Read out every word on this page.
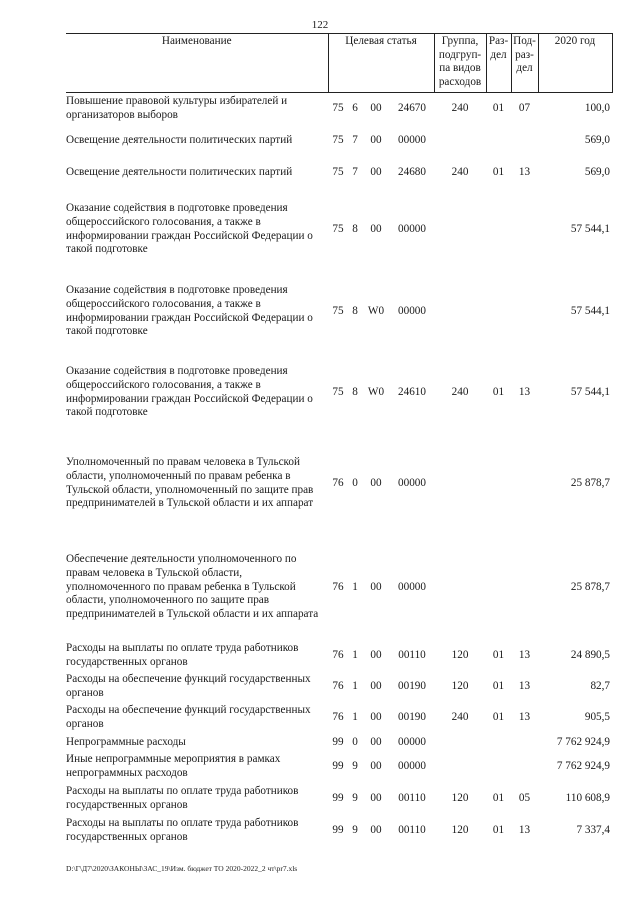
122
Наименование	Целевая статья				Группа, подгруп-па видов расходов	Раз-дел	Под-раз-дел	2020 год
Повышение правовой культуры избирателей и организаторов выборов	75	6	00	24670	240	01	07	100,0
Освещение деятельности политических партий	75	7	00	00000				569,0
Освещение деятельности политических партий	75	7	00	24680	240	01	13	569,0
Оказание содействия в подготовке проведения общероссийского голосования, а также в информировании граждан Российской Федерации о такой подготовке	75	8	00	00000				57 544,1
Оказание содействия в подготовке проведения общероссийского голосования, а также в информировании граждан Российской Федерации о такой подготовке	75	8	W0	00000				57 544,1
Оказание содействия в подготовке проведения общероссийского голосования, а также в информировании граждан Российской Федерации о такой подготовке	75	8	W0	24610	240	01	13	57 544,1
Уполномоченный по правам человека в Тульской области, уполномоченный по правам ребенка в Тульской области, уполномоченный по защите прав предпринимателей в Тульской области и их аппарат	76	0	00	00000				25 878,7
Обеспечение деятельности уполномоченного по правам человека в Тульской области, уполномоченного по правам ребенка в Тульской области, уполномоченного по защите прав предпринимателей в Тульской области и их аппарата	76	1	00	00000				25 878,7
Расходы на выплаты по оплате труда работников государственных органов	76	1	00	00110	120	01	13	24 890,5
Расходы на обеспечение функций государственных органов	76	1	00	00190	120	01	13	82,7
Расходы на обеспечение функций государственных органов	76	1	00	00190	240	01	13	905,5
Непрограммные расходы	99	0	00	00000				7 762 924,9
Иные непрограммные мероприятия в рамках непрограммных расходов	99	9	00	00000				7 762 924,9
Расходы на выплаты по оплате труда работников государственных органов	99	9	00	00110	120	01	05	110 608,9
Расходы на выплаты по оплате труда работников государственных органов	99	9	00	00110	120	01	13	7 337,4
D:\Г\Д7\2020\ЗАКОНЫ\ЗАС_19\Изм. бюджет ТО 2020-2022_2 чт\pr7.xls
